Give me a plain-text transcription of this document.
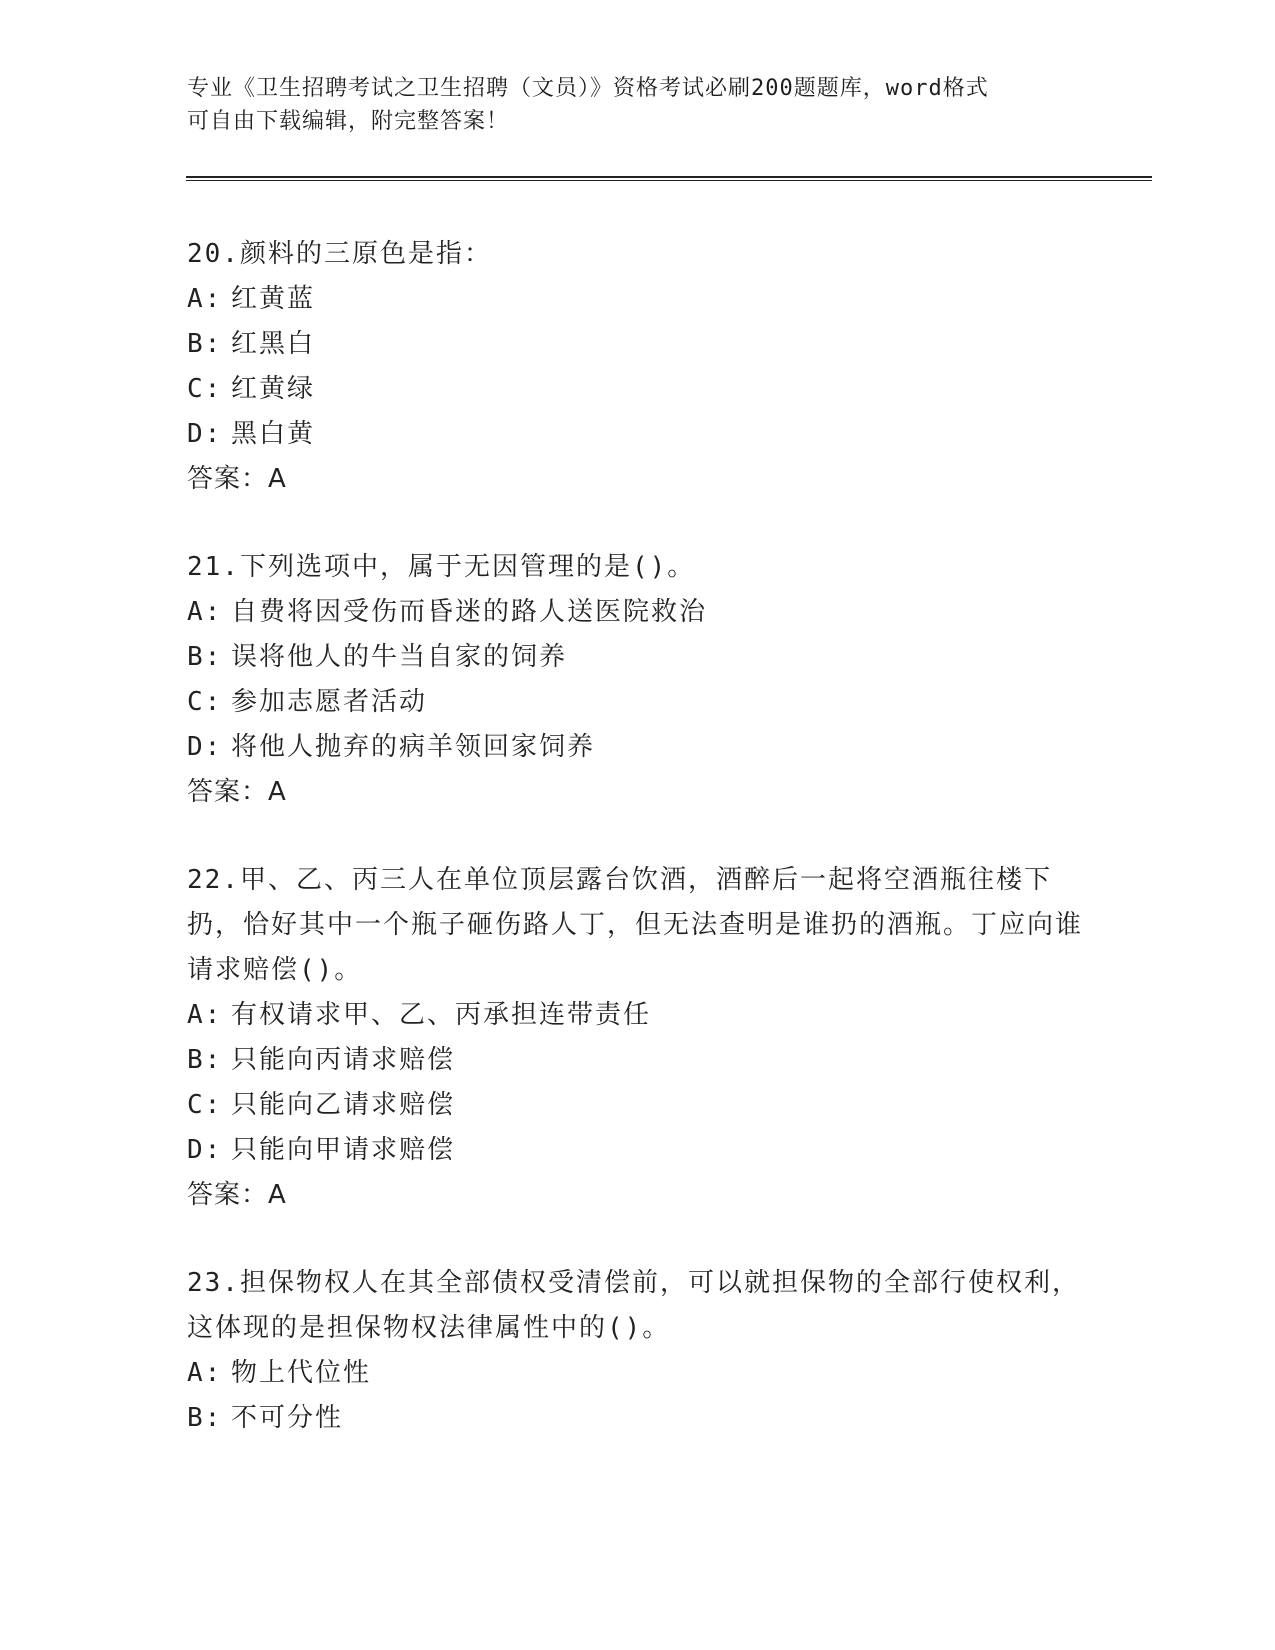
专业《卫生招聘考试之卫生招聘（文员）》资格考试必刷200题题库，word格式
可自由下载编辑，附完整答案！
20.颜料的三原色是指：
A: 红黄蓝
B: 红黑白
C: 红黄绿
D: 黑白黄
答案：A
21.下列选项中，属于无因管理的是()。
A: 自费将因受伤而昏迷的路人送医院救治
B: 误将他人的牛当自家的饲养
C: 参加志愿者活动
D: 将他人抛弃的病羊领回家饲养
答案：A
22.甲、乙、丙三人在单位顶层露台饮酒，酒醉后一起将空酒瓶往楼下扔，恰好其中一个瓶子砸伤路人丁，但无法查明是谁扔的酒瓶。丁应向谁请求赔偿()。
A: 有权请求甲、乙、丙承担连带责任
B: 只能向丙请求赔偿
C: 只能向乙请求赔偿
D: 只能向甲请求赔偿
答案：A
23.担保物权人在其全部债权受清偿前，可以就担保物的全部行使权利，这体现的是担保物权法律属性中的()。
A: 物上代位性
B: 不可分性
